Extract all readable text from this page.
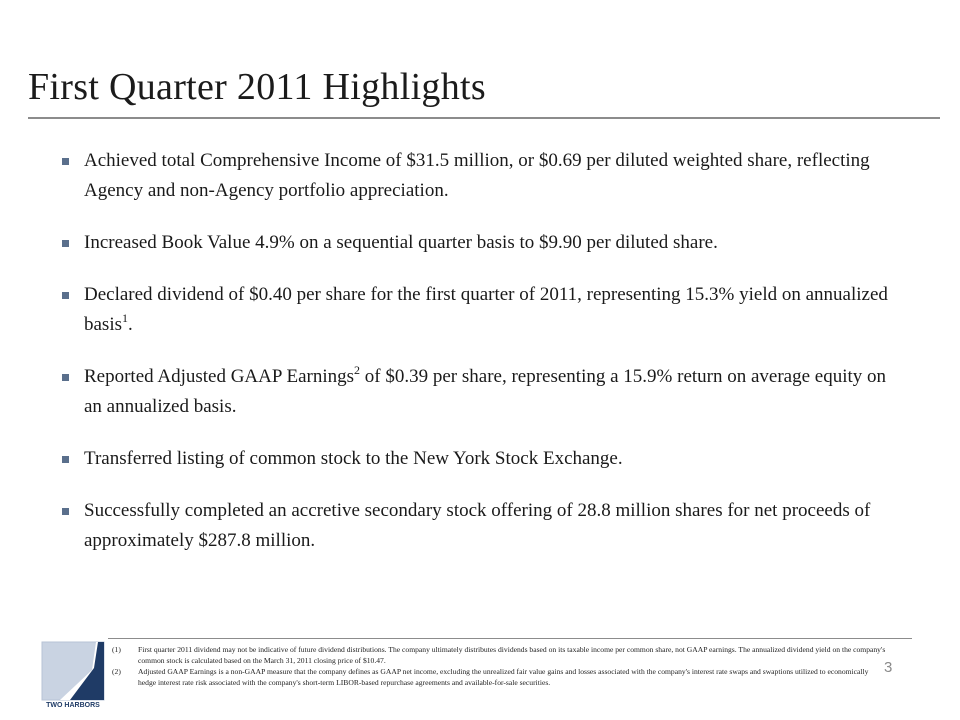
First Quarter 2011 Highlights
Achieved total Comprehensive Income of $31.5 million, or $0.69 per diluted weighted share, reflecting Agency and non-Agency portfolio appreciation.
Increased Book Value 4.9% on a sequential quarter basis to $9.90 per diluted share.
Declared dividend of $0.40 per share for the first quarter of 2011, representing 15.3% yield on annualized basis$^1$.
Reported Adjusted GAAP Earnings$^2$ of $0.39 per share, representing a 15.9% return on average equity on an annualized basis.
Transferred listing of common stock to the New York Stock Exchange.
Successfully completed an accretive secondary stock offering of 28.8 million shares for net proceeds of approximately $287.8 million.
TWO HARBORS
(1) First quarter 2011 dividend may not be indicative of future dividend distributions. The company ultimately distributes dividends based on its taxable income per common share, not GAAP earnings. The annualized dividend yield on the company's common stock is calculated based on the March 31, 2011 closing price of $10.47.
(2) Adjusted GAAP Earnings is a non-GAAP measure that the company defines as GAAP net income, excluding the unrealized fair value gains and losses associated with the company's interest rate swaps and swaptions utilized to economically hedge interest rate risk associated with the company's short-term LIBOR-based repurchase agreements and available-for-sale securities.
3
